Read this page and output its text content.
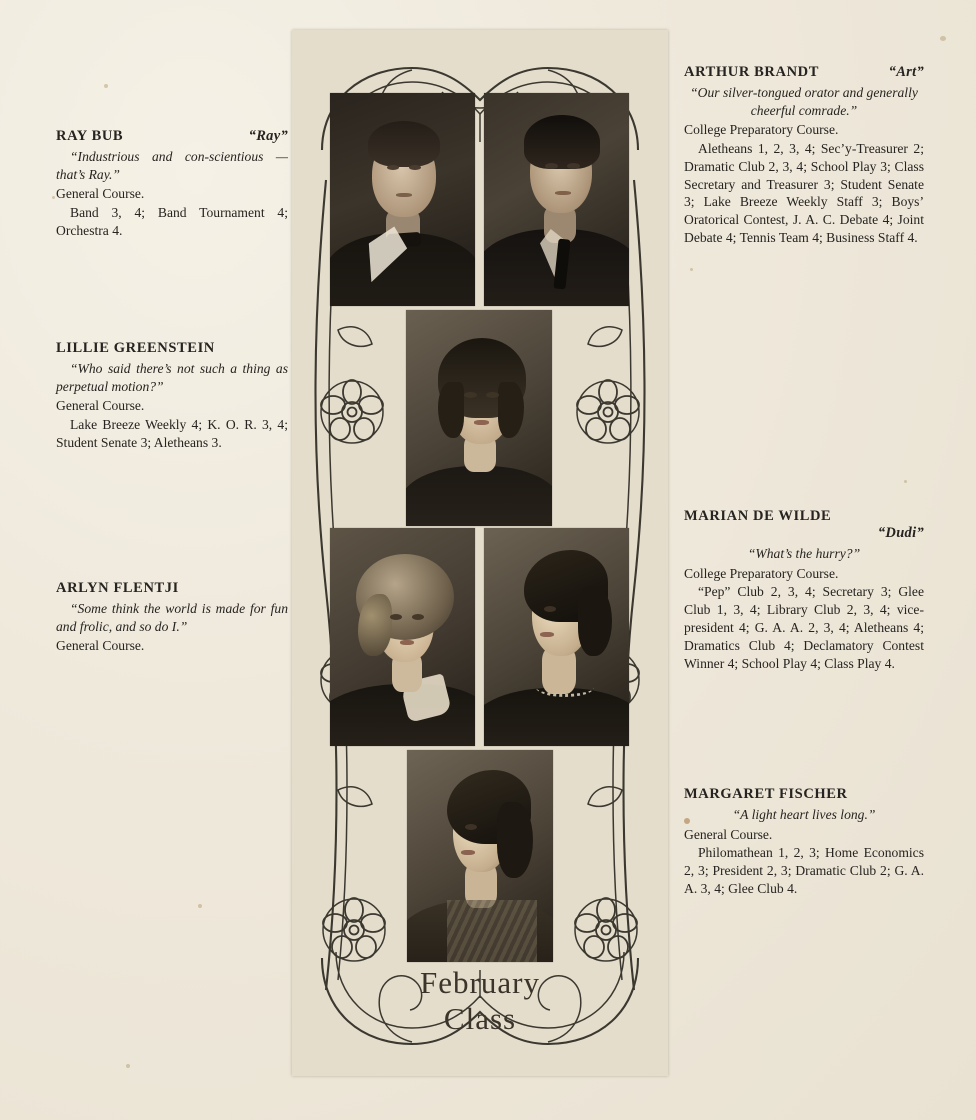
February
Class
RAY BUB	“Ray”
“Industrious and con-scientious — that’s Ray.”
General Course.
Band 3, 4; Band Tournament 4; Orchestra 4.
LILLIE GREENSTEIN
“Who said there’s not such a thing as perpetual motion?”
General Course.
Lake Breeze Weekly 4; K. O. R. 3, 4; Student Senate 3; Aletheans 3.
ARLYN FLENTJI
“Some think the world is made for fun and frolic, and so do I.”
General Course.
ARTHUR BRANDT	“Art”
“Our silver-tongued orator and generally cheerful comrade.”
College Preparatory Course.
Aletheans 1, 2, 3, 4; Sec’y-Treasurer 2; Dramatic Club 2, 3, 4; School Play 3; Class Secretary and Treasurer 3; Student Senate 3; Lake Breeze Weekly Staff 3; Boys’ Oratorical Contest, J. A. C. Debate 4; Joint Debate 4; Tennis Team 4; Business Staff 4.
MARIAN DE WILDE
“Dudi”
“What’s the hurry?”
College Preparatory Course.
“Pep” Club 2, 3, 4; Secretary 3; Glee Club 1, 3, 4; Library Club 2, 3, 4; vice-president 4; G. A. A. 2, 3, 4; Aletheans 4; Dramatics Club 4; Declamatory Contest Winner 4; School Play 4; Class Play 4.
MARGARET FISCHER
“A light heart lives long.”
General Course.
Philomathean 1, 2, 3; Home Economics 2, 3; President 2, 3; Dramatic Club 2; G. A. A. 3, 4; Glee Club 4.
